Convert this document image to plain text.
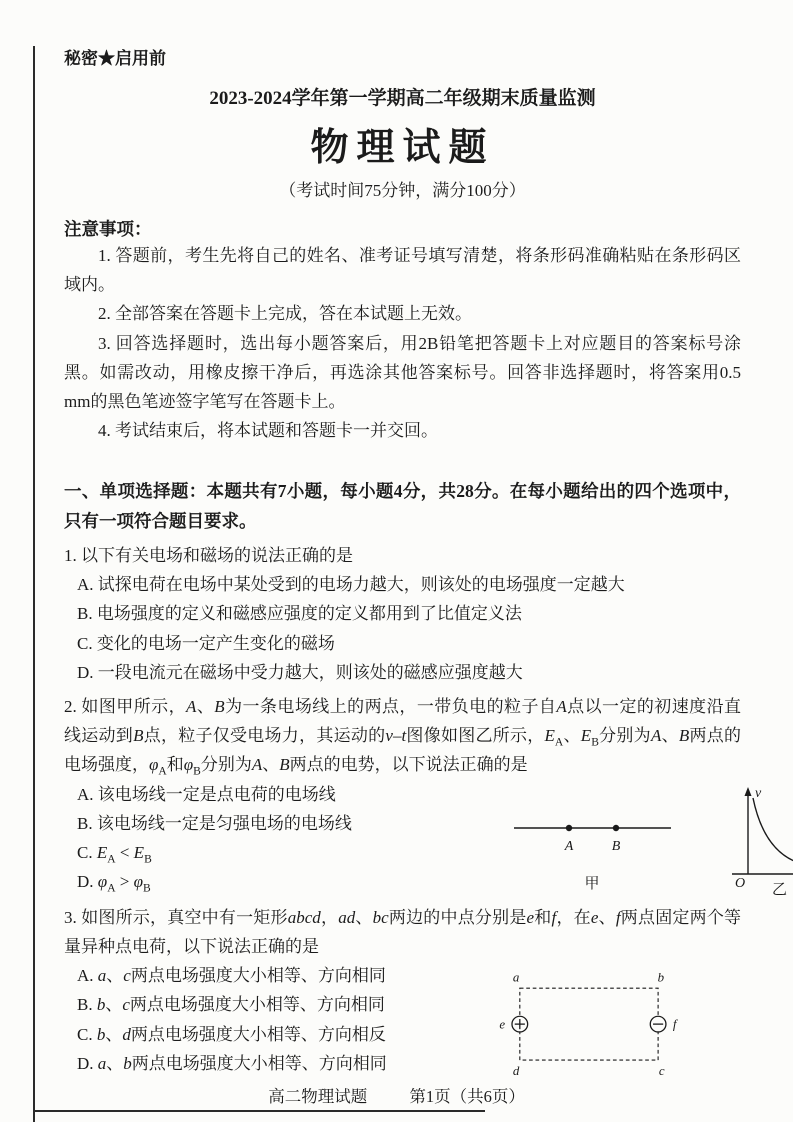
秘密★启用前
2023-2024学年第一学期高二年级期末质量监测
物理试题
（考试时间75分钟，满分100分）
注意事项：

1. 答题前，考生先将自己的姓名、准考证号填写清楚，将条形码准确粘贴在条形码区域内。

2. 全部答案在答题卡上完成，答在本试题上无效。

3. 回答选择题时，选出每小题答案后，用2B铅笔把答题卡上对应题目的答案标号涂黑。如需改动，用橡皮擦干净后，再选涂其他答案标号。回答非选择题时，将答案用0.5 mm的黑色笔迹签字笔写在答题卡上。

4. 考试结束后，将本试题和答题卡一并交回。

一、单项选择题：本题共有7小题，每小题4分，共28分。在每小题给出的四个选项中，只有一项符合题目要求。

1. 以下有关电场和磁场的说法正确的是

A. 试探电荷在电场中某处受到的电场力越大，则该处的电场强度一定越大

B. 电场强度的定义和磁感应强度的定义都用到了比值定义法

C. 变化的电场一定产生变化的磁场

D. 一段电流元在磁场中受力越大，则该处的磁感应强度越大

2. 如图甲所示，A、B为一条电场线上的两点，一带负电的粒子自A点以一定的初速度沿直线运动到B点，粒子仅受电场力，其运动的v–t图像如图乙所示，$E_A$、$E_B$分别为A、B两点的电场强度，$\varphi_A$和$\varphi_B$分别为A、B两点的电势，以下说法正确的是

A. 该电场线一定是点电荷的电场线

B. 该电场线一定是匀强电场的电场线

C. $E_A < E_B$

D. $\varphi_A > \varphi_B$

A	B
甲
v
O 乙

3. 如图所示，真空中有一矩形abcd，ad、bc两边的中点分别是e和f，在e、f两点固定两个等量异种点电荷，以下说法正确的是

A. a、c两点电场强度大小相等、方向相同

B. b、c两点电场强度大小相等、方向相同

C. b、d两点电场强度大小相等、方向相反

D. a、b两点电场强度大小相等、方向相同

a	b
c
d
e	f
高二物理试题	第1页（共6页）
